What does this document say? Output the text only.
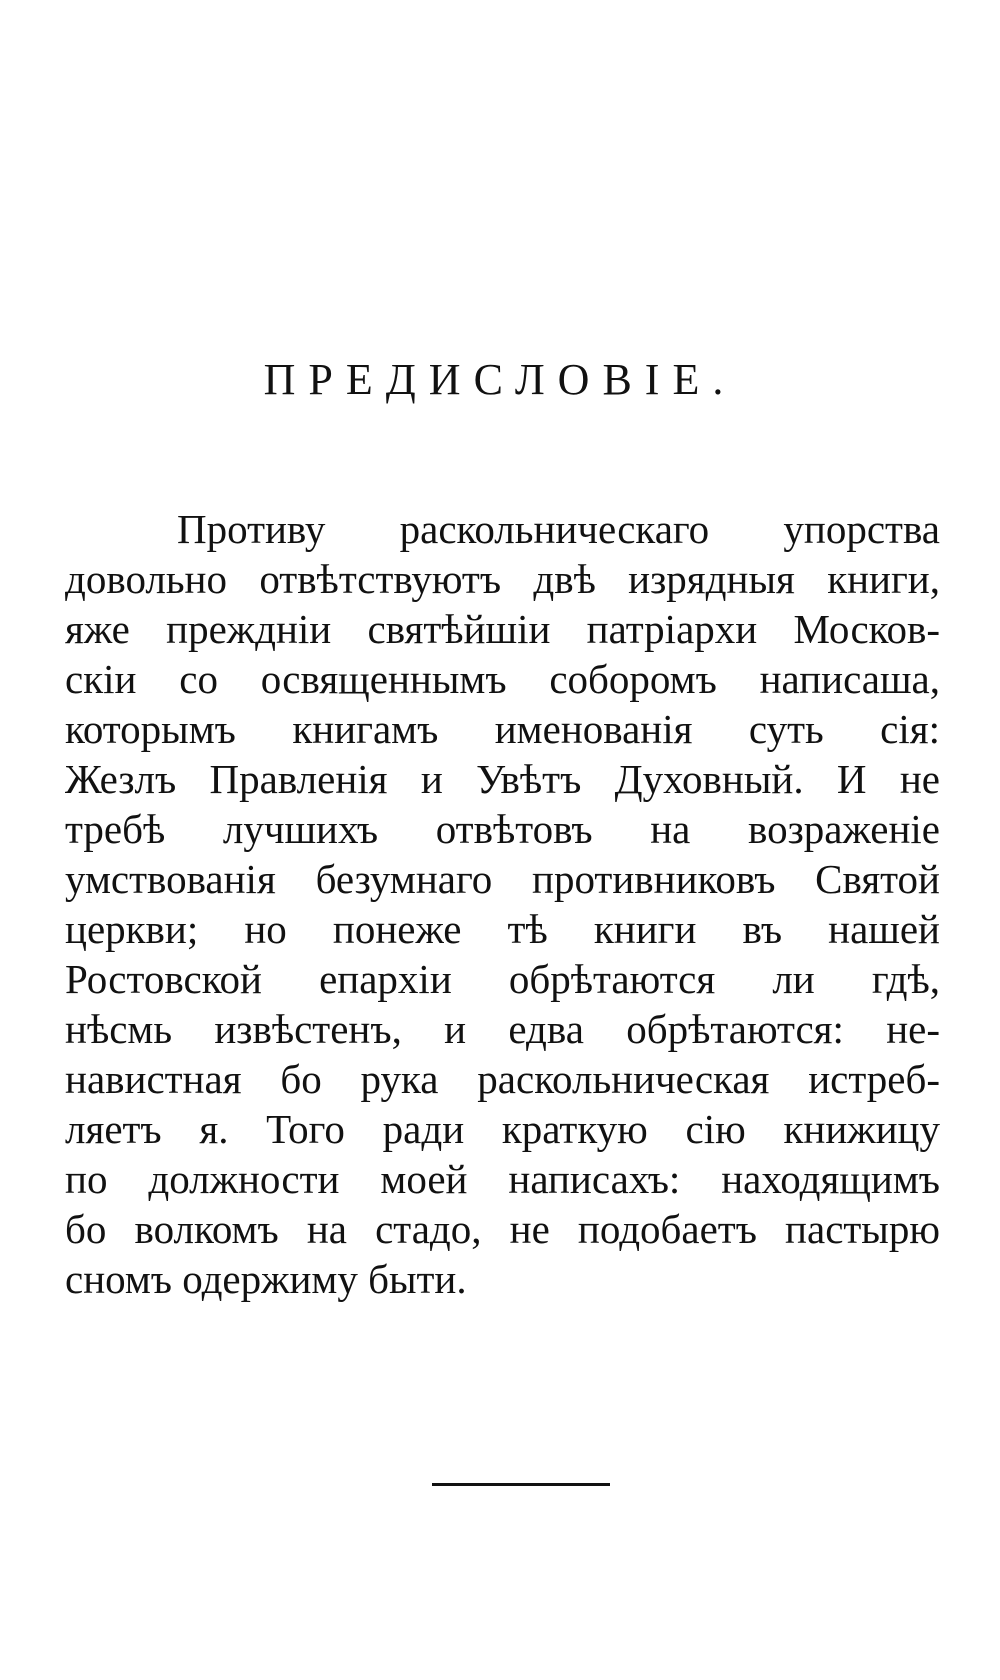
ПРЕДИСЛОВІЕ.
Противу раскольническаго упорства
довольно отвѣтствуютъ двѣ изрядныя книги,
яже преждніи святѣйшіи патріархи Москов-
скіи со освященнымъ соборомъ написаша,
которымъ книгамъ именованія суть сія:
Жезлъ Правленія и Увѣтъ Духовный. И не
требѣ лучшихъ отвѣтовъ на возраженіе
умствованія безумнаго противниковъ Святой
церкви; но понеже тѣ книги въ нашей
Ростовской епархіи обрѣтаются ли гдѣ,
нѣсмь извѣстенъ, и едва обрѣтаются: не-
навистная бо рука раскольническая истреб-
ляетъ я. Того ради краткую сію книжицу
по должности моей написахъ: находящимъ
бо волкомъ на стадо, не подобаетъ пастырю
сномъ одержиму быти.
